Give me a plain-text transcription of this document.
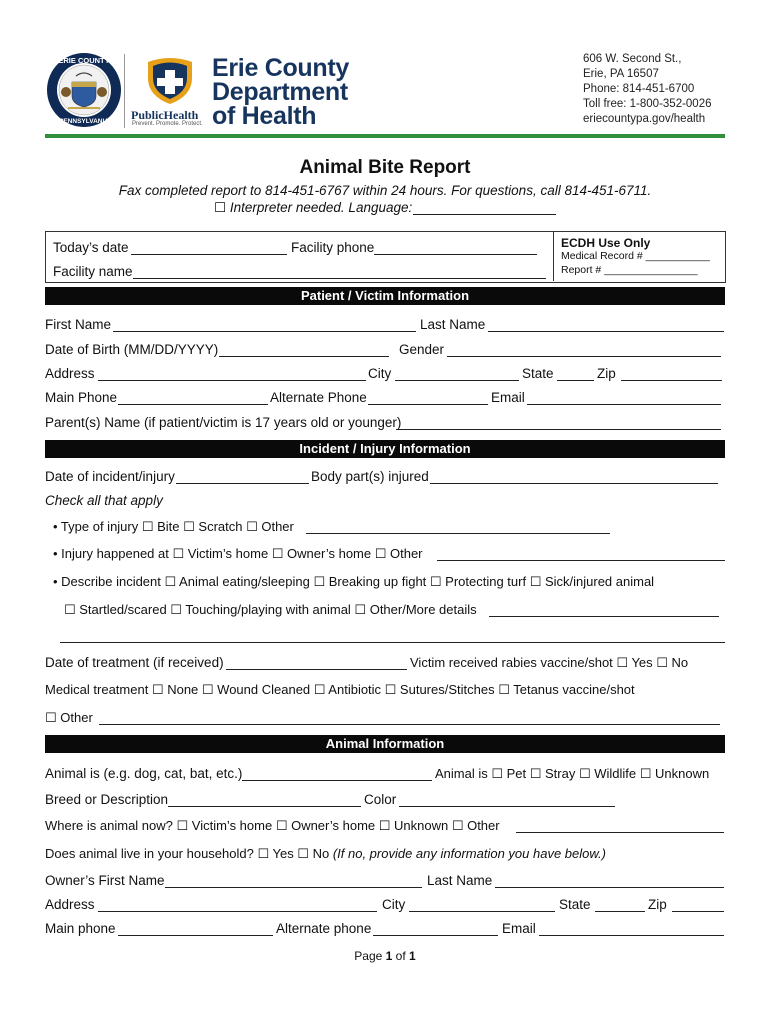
ERIE COUNTY
PENNSYLVANIA PublicHealth
Prevent. Promote. Protect.
Erie County
Department
of Health
606 W. Second St.,
Erie, PA 16507
Phone: 814-451-6700
Toll free: 1-800-352-0026
eriecountypa.gov/health
Animal Bite Report
Fax completed report to 814-451-6767 within 24 hours. For questions, call 814-451-6711.
☐ Interpreter needed. Language:
Today’s date	Facility phone
Facility name
ECDH Use Only
Medical Record # ___________
Report # ________________
Patient / Victim Information
First Name	Last Name
Date of Birth (MM/DD/YYYY)	Gender
Address	City	State	Zip
Main Phone	Alternate Phone	Email
Parent(s) Name (if patient/victim is 17 years old or younger)
Incident / Injury Information
Date of incident/injury	Body part(s) injured
Check all that apply
• Type of injury ☐ Bite ☐ Scratch ☐ Other
• Injury happened at ☐ Victim’s home ☐ Owner’s home ☐ Other
• Describe incident ☐ Animal eating/sleeping ☐ Breaking up fight ☐ Protecting turf ☐ Sick/injured animal
☐ Startled/scared ☐ Touching/playing with animal ☐ Other/More details
Date of treatment (if received)	Victim received rabies vaccine/shot ☐ Yes ☐ No
Medical treatment ☐ None ☐ Wound Cleaned ☐ Antibiotic ☐ Sutures/Stitches ☐ Tetanus vaccine/shot
☐ Other
Animal Information
Animal is (e.g. dog, cat, bat, etc.)	Animal is ☐ Pet ☐ Stray ☐ Wildlife ☐ Unknown
Breed or Description	Color
Where is animal now? ☐ Victim’s home ☐ Owner’s home ☐ Unknown ☐ Other
Does animal live in your household? ☐ Yes ☐ No (If no, provide any information you have below.)
Owner’s First Name	Last Name
Address	City	State	Zip
Main phone	Alternate phone	Email
Page 1 of 1
